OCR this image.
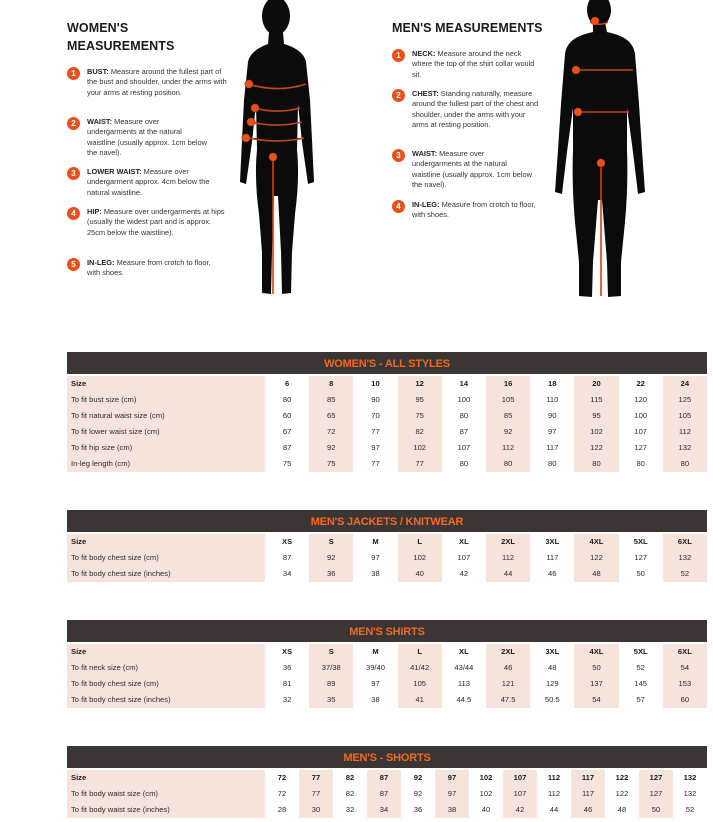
WOMEN'S
MEASUREMENTS
1	BUST: Measure around the fullest part of the bust and shoulder, under the arms with your arms at resting position.
2	WAIST: Measure over undergarments at the natural waistline (usually approx. 1cm below the navel).
3	LOWER WAIST: Measure over undergarment approx. 4cm below the natural waistline.
4	HIP: Measure over undergarments at hips (usually the widest part and is approx. 25cm below the waistline).
5	IN-LEG: Measure from crotch to floor, with shoes.
MEN'S MEASUREMENTS
1	NECK: Measure around the neck where the top of the shirt collar would sit.
2	CHEST: Standing naturally, measure around the fullest part of the chest and shoulder, under the arms with your arms at resting position.
3	WAIST: Measure over undergarments at the natural waistline (usually approx. 1cm below the navel).
4	IN-LEG: Measure from crotch to floor, with shoes.
WOMEN'S - ALL STYLES
Size	6	8	10	12	14	16	18	20	22	24
To fit bust size (cm)	80	85	90	95	100	105	110	115	120	125
To fit natural waist size (cm)	60	65	70	75	80	85	90	95	100	105
To fit lower waist size (cm)	67	72	77	82	87	92	97	102	107	112
To fit hip size (cm)	87	92	97	102	107	112	117	122	127	132
In-leg length (cm)	75	75	77	77	80	80	80	80	80	80
MEN'S JACKETS / KNITWEAR
Size	XS	S	M	L	XL	2XL	3XL	4XL	5XL	6XL
To fit body chest size (cm)	87	92	97	102	107	112	117	122	127	132
To fit body chest size (inches)	34	36	38	40	42	44	46	48	50	52
MEN'S SHIRTS
Size	XS	S	M	L	XL	2XL	3XL	4XL	5XL	6XL
To fit neck size (cm)	36	37/38	39/40	41/42	43/44	46	48	50	52	54
To fit body chest size (cm)	81	89	97	105	113	121	129	137	145	153
To fit body chest size (inches)	32	35	38	41	44.5	47.5	50.5	54	57	60
MEN'S - SHORTS
Size	72	77	82	87	92	97	102	107	112	117	122	127	132
To fit body waist size (cm)	72	77	82	87	92	97	102	107	112	117	122	127	132
To fit body waist size (inches)	28	30	32	34	36	38	40	42	44	46	48	50	52
